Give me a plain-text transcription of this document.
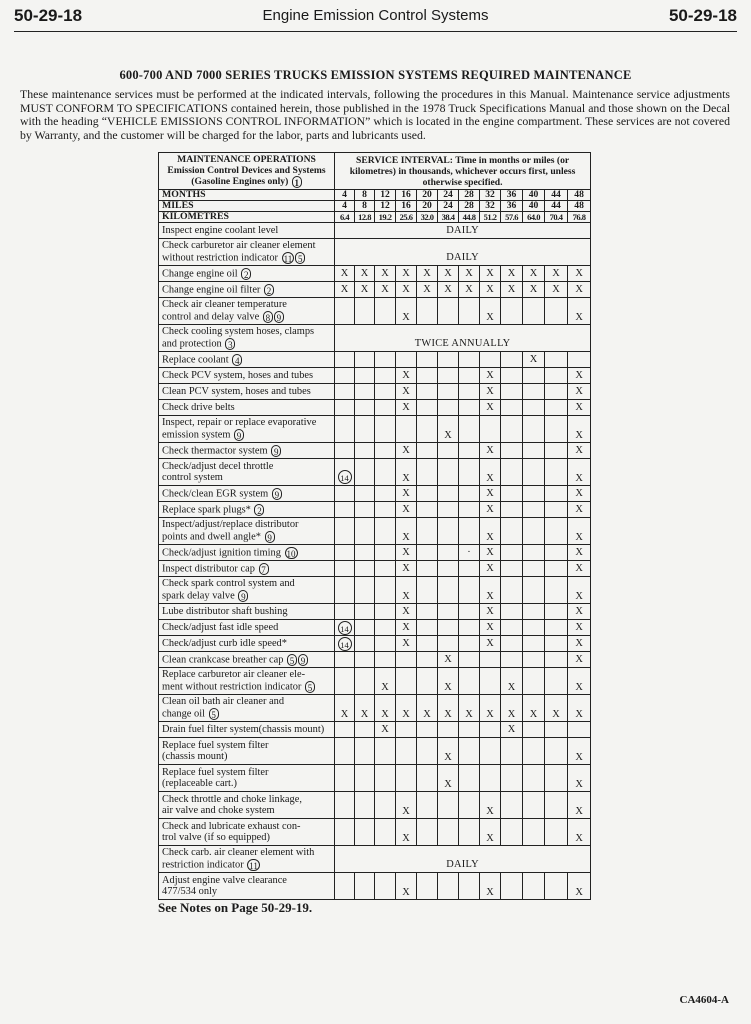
50-29-18	Engine Emission Control Systems	50-29-18
600-700 AND 7000 SERIES TRUCKS EMISSION SYSTEMS REQUIRED MAINTENANCE

These maintenance services must be performed at the indicated intervals, following the procedures in this Manual. Maintenance service adjustments MUST CONFORM TO SPECIFICATIONS contained herein, those published in the 1978 Truck Specifications Manual and those shown on the Decal with the heading “VEHICLE EMISSIONS CONTROL INFORMATION” which is located in the engine compartment. These services are not covered by Warranty, and the customer will be charged for the labor, parts and lubricants used.

MAINTENANCE OPERATIONS
Emission Control Devices and Systems
(Gasoline Engines only) 1	SERVICE INTERVAL: Time in months or miles (or kilometres) in thousands, whichever occurs first, unless otherwise specified.											
MONTHS	4	8	12	16	20	24	28	32	36	40	44	48
MILES	4	8	12	16	20	24	28	32	36	40	44	48
KILOMETRES	6.4	12.8	19.2	25.6	32.0	38.4	44.8	51.2	57.6	64.0	70.4	76.8

Inspect engine coolant level	DAILY											

Check carburetor air cleaner element
without restriction indicator 11 5	DAILY											

Change engine oil 2	X	X	X	X	X	X	X	X	X	X	X	X

Change engine oil filter 2	X	X	X	X	X	X	X	X	X	X	X	X

Check air cleaner temperature
control and delay valve 8 9				X				X				X

Check cooling system hoses, clamps
and protection 3	TWICE ANNUALLY											

Replace coolant 4										X		

Check PCV system, hoses and tubes				X				X				X

Clean PCV system, hoses and tubes				X				X				X

Check drive belts				X				X				X

Inspect, repair or replace evaporative
emission system 9						X						X

Check thermactor system 9				X				X				X

Check/adjust decel throttle
control system	14			X				X				X

Check/clean EGR system 9				X				X				X

Replace spark plugs* 2				X				X				X

Inspect/adjust/replace distributor
points and dwell angle* 9				X				X				X

Check/adjust ignition timing 10				X			·	X				X

Inspect distributor cap 7				X				X				X

Check spark control system and
spark delay valve 9				X				X				X

Lube distributor shaft bushing				X				X				X

Check/adjust fast idle speed	14			X				X				X

Check/adjust curb idle speed*	14			X				X				X

Clean crankcase breather cap 5 9						X						X

Replace carburetor air cleaner ele-
ment without restriction indicator 5			X			X			X			X

Clean oil bath air cleaner and
change oil 5	X	X	X	X	X	X	X	X	X	X	X	X

Drain fuel filter system(chassis mount)			X						X			

Replace fuel system filter
(chassis mount)						X						X

Replace fuel system filter
(replaceable cart.)						X						X

Check throttle and choke linkage,
air valve and choke system				X				X				X

Check and lubricate exhaust con-
trol valve (if so equipped)				X				X				X

Check carb. air cleaner element with
restriction indicator 11	DAILY											

Adjust engine valve clearance
477/534 only				X				X				X
See Notes on Page 50-29-19.
CA4604-A
